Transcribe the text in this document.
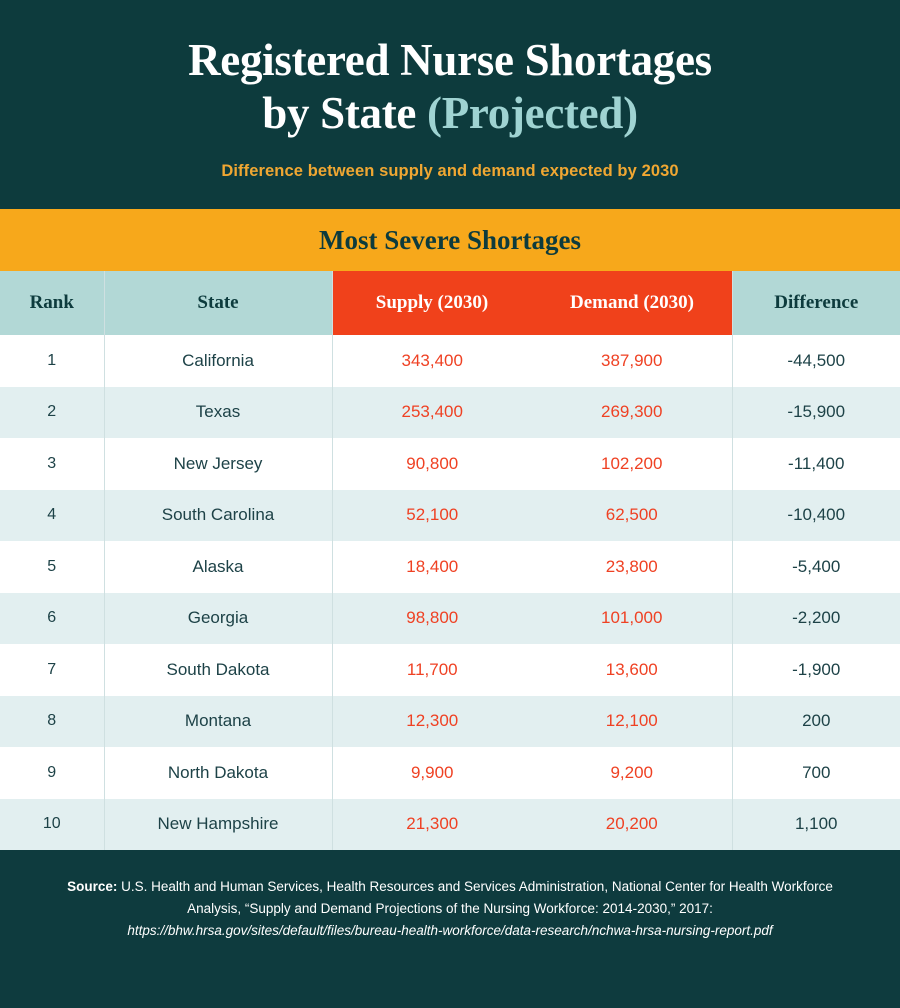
Registered Nurse Shortages
by State (Projected)
Difference between supply and demand expected by 2030
Most Severe Shortages
Rank	State	Supply (2030)	Demand (2030)	Difference
1	California	343,400	387,900	-44,500
2	Texas	253,400	269,300	-15,900
3	New Jersey	90,800	102,200	-11,400
4	South Carolina	52,100	62,500	-10,400
5	Alaska	18,400	23,800	-5,400
6	Georgia	98,800	101,000	-2,200
7	South Dakota	11,700	13,600	-1,900
8	Montana	12,300	12,100	200
9	North Dakota	9,900	9,200	700
10	New Hampshire	21,300	20,200	1,100
Source: U.S. Health and Human Services, Health Resources and Services Administration, National Center for Health Workforce Analysis, “Supply and Demand Projections of the Nursing Workforce: 2014-2030,” 2017:
https://bhw.hrsa.gov/sites/default/files/bureau-health-workforce/data-research/nchwa-hrsa-nursing-report.pdf
